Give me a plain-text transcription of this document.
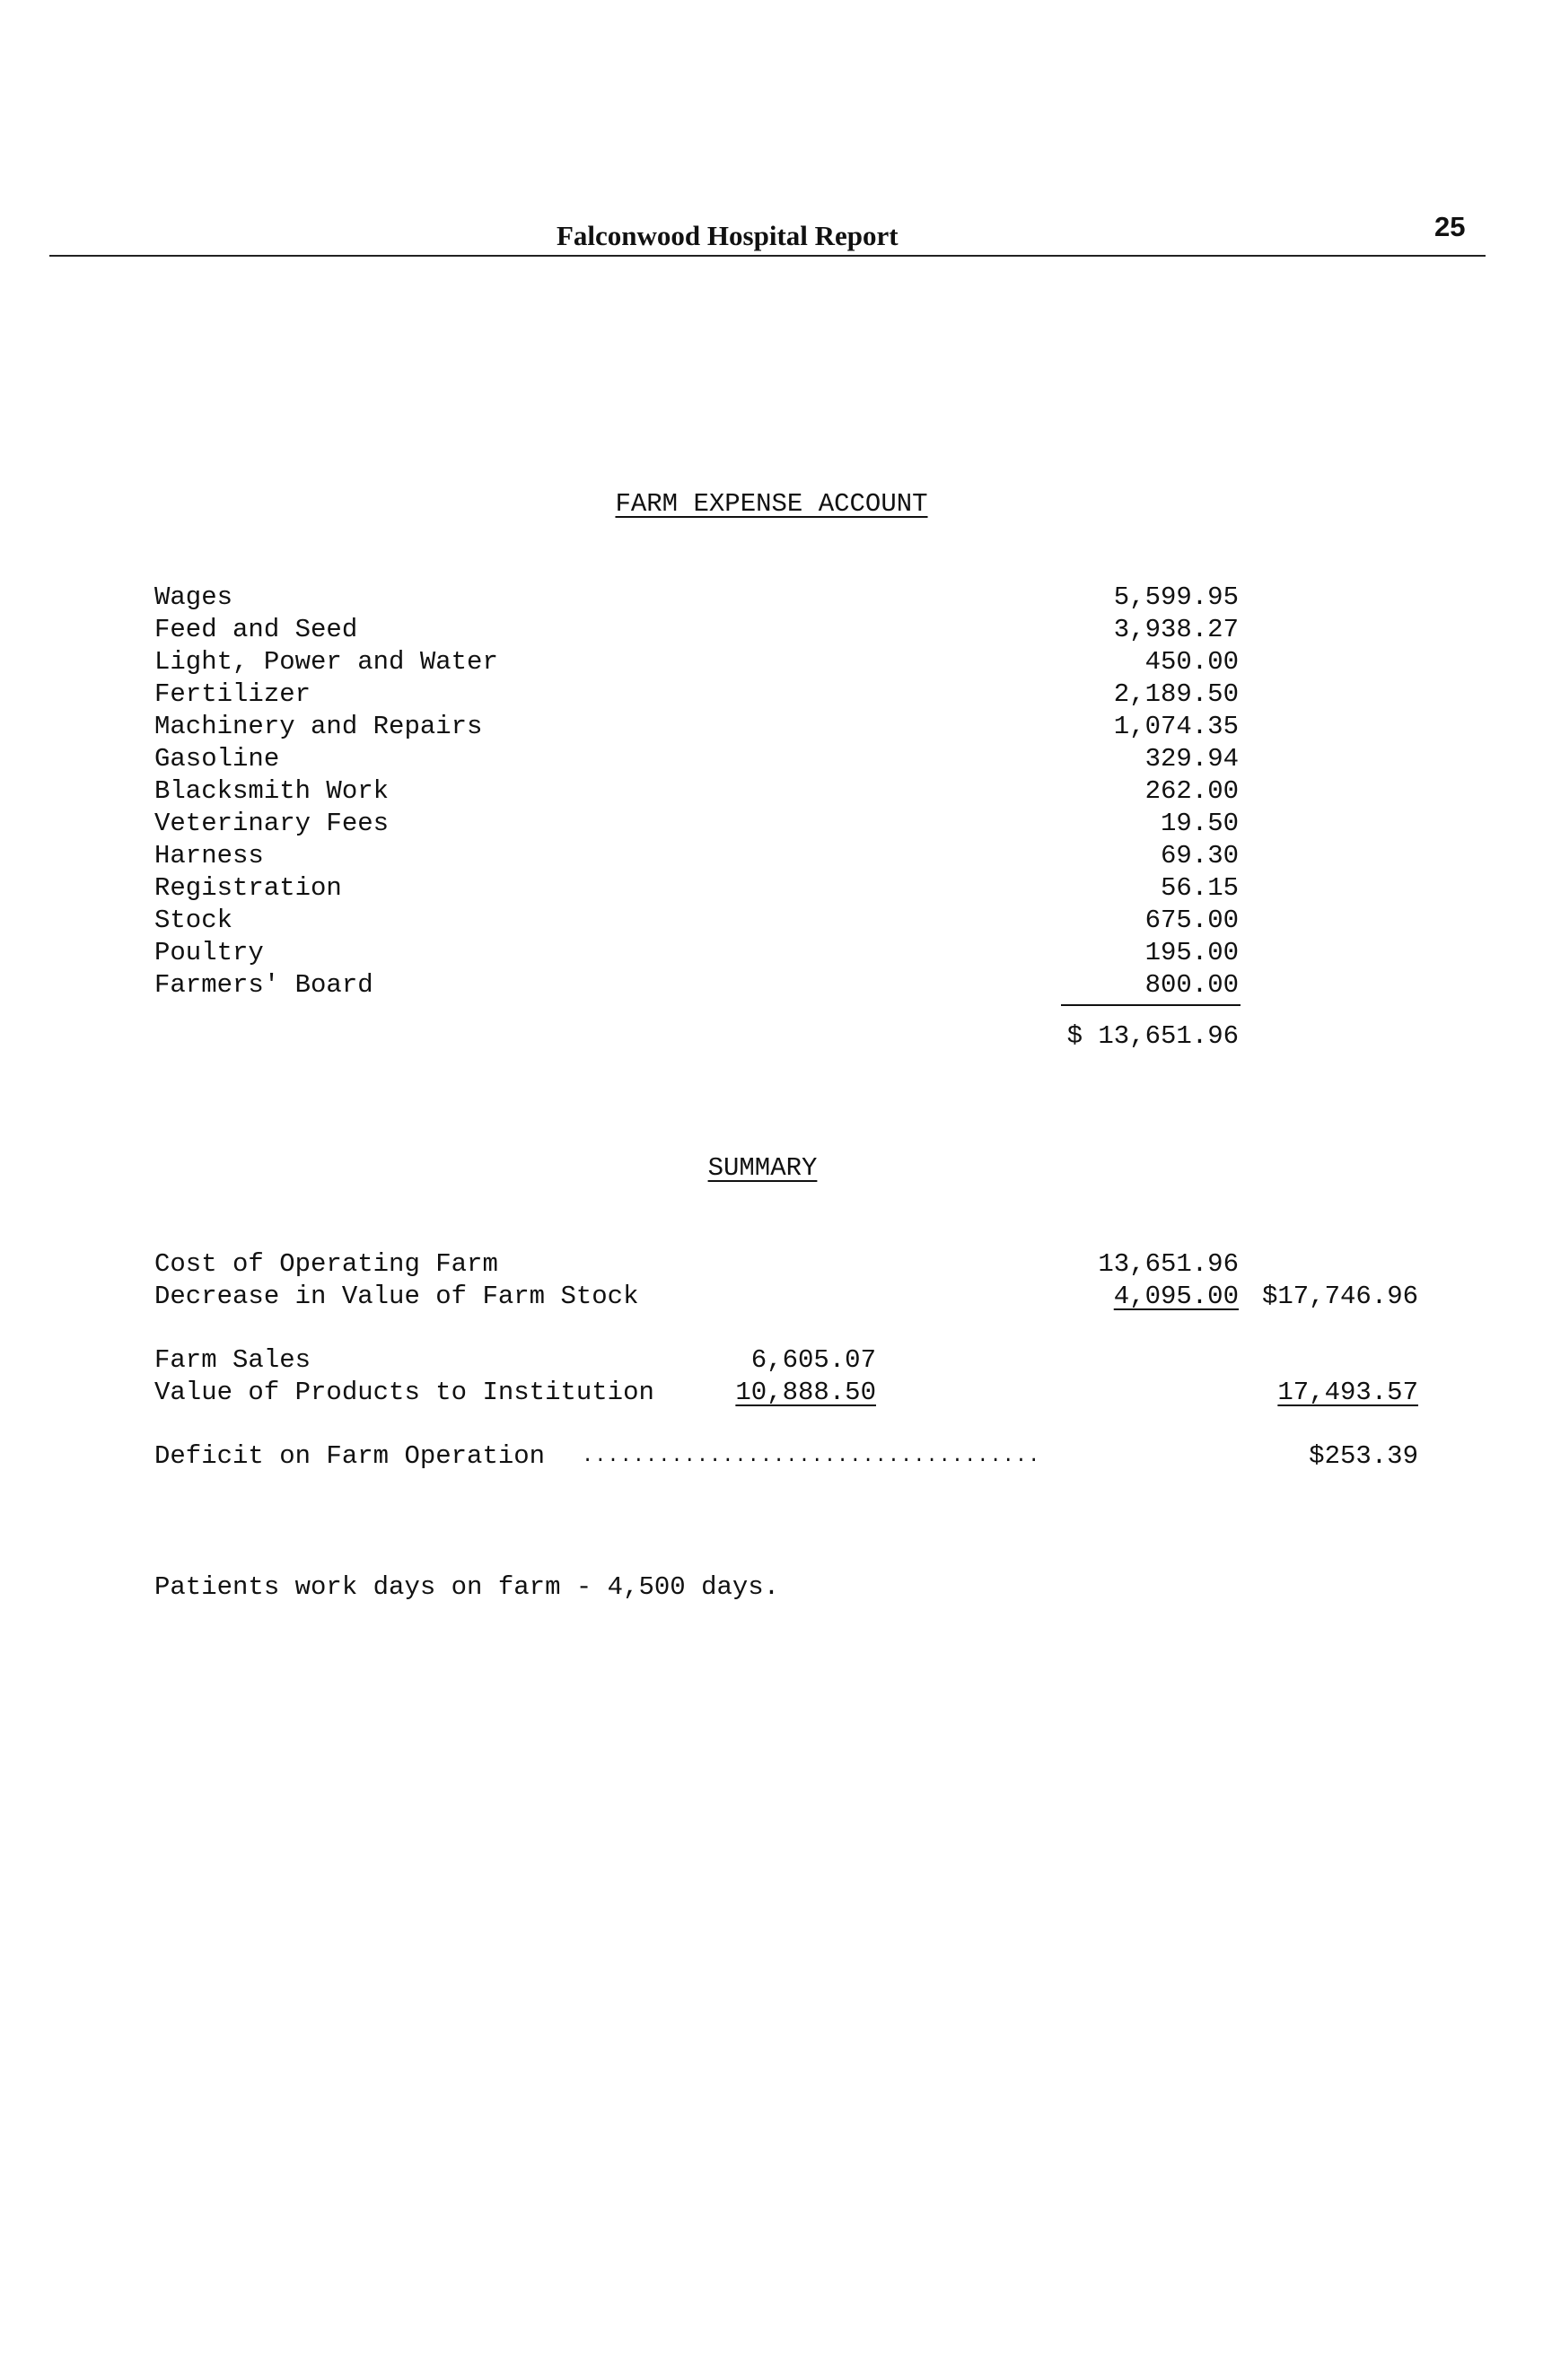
Falconwood Hospital Report	25
FARM EXPENSE ACCOUNT
Wages	5,599.95
Feed and Seed	3,938.27
Light, Power and Water	450.00
Fertilizer	2,189.50
Machinery and Repairs	1,074.35
Gasoline	329.94
Blacksmith Work	262.00
Veterinary Fees	19.50
Harness	69.30
Registration	56.15
Stock	675.00
Poultry	195.00
Farmers' Board	800.00
$ 13,651.96
SUMMARY
Cost of Operating Farm	13,651.96
Decrease in Value of Farm Stock	4,095.00 $17,746.96
Farm Sales	6,605.07
Value of Products to Institution	10,888.50	17,493.57
Deficit on Farm Operation ....................................	$253.39
Patients work days on farm - 4,500 days.
